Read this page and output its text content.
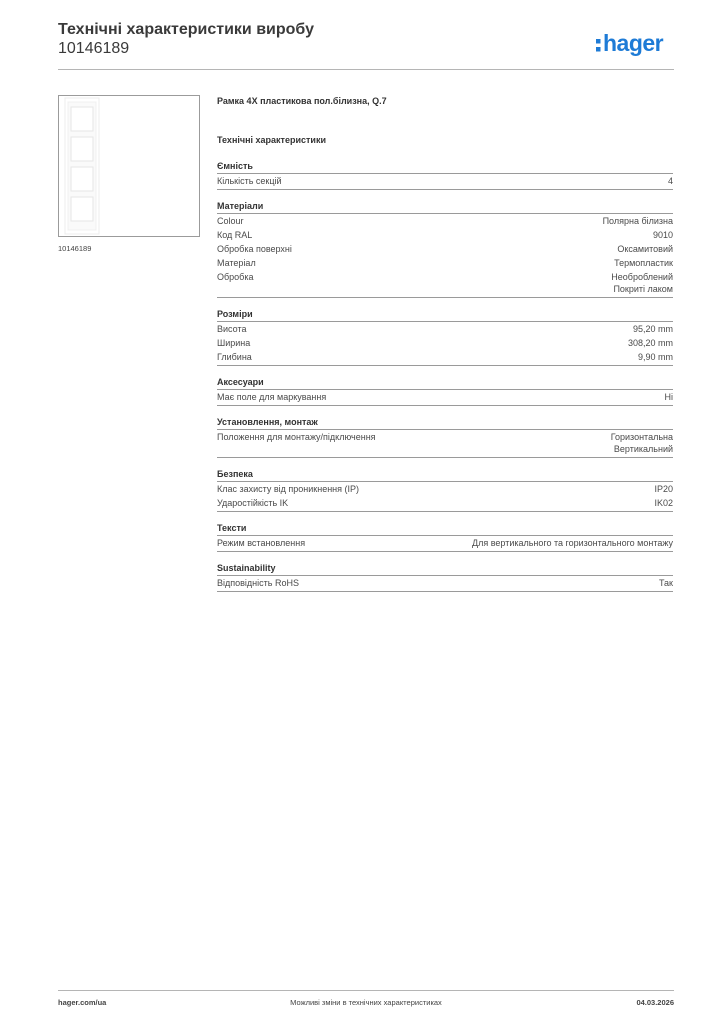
Технічні характеристики виробу
10146189	hager
10146189
Рамка 4X пластикова пол.білизна, Q.7
Технічні характеристики
Ємність
Кількість секцій	4
Матеріали
Colour	Полярна білизна
Код RAL	9010
Обробка поверхні	Оксамитовий
Матеріал	Термопластик
Обробка	Необроблений
Покриті лаком
Розміри
Висота	95,20 mm
Ширина	308,20 mm
Глибина	9,90 mm
Аксесуари
Має поле для маркування	Ні
Установлення, монтаж
Положення для монтажу/підключення	Горизонтальна
Вертикальний
Безпека
Клас захисту від проникнення (IP)	IP20
Ударостійкість IK	IK02
Тексти
Режим встановлення	Для вертикального та горизонтального монтажу
Sustainability
Відповідність RoHS	Так
hager.com/ua	Можливі зміни в технічних характеристиках	04.03.2026
